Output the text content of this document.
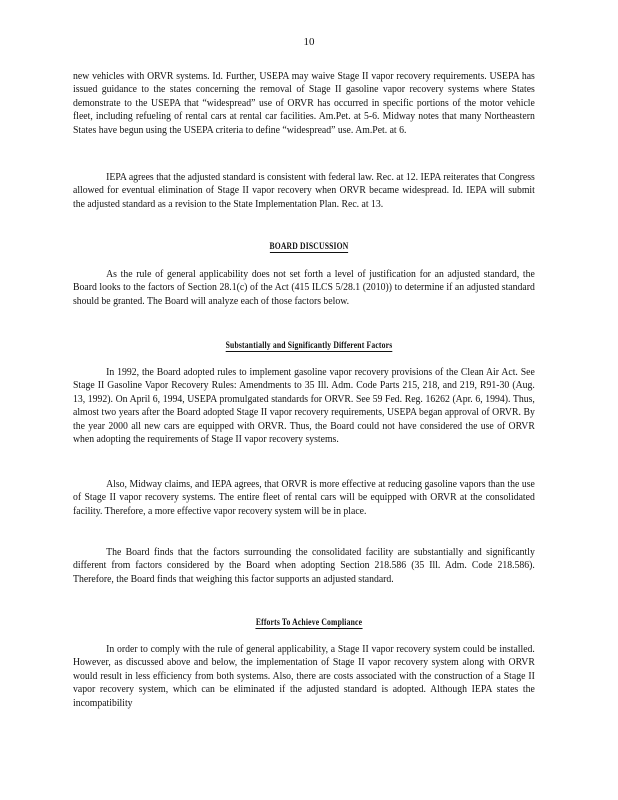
10

new vehicles with ORVR systems. Id. Further, USEPA may waive Stage II vapor recovery requirements. USEPA has issued guidance to the states concerning the removal of Stage II gasoline vapor recovery systems where States demonstrate to the USEPA that “widespread” use of ORVR has occurred in specific portions of the motor vehicle fleet, including refueling of rental cars at rental car facilities. Am.Pet. at 5-6. Midway notes that many Northeastern States have begun using the USEPA criteria to define “widespread” use. Am.Pet. at 6.

IEPA agrees that the adjusted standard is consistent with federal law. Rec. at 12. IEPA reiterates that Congress allowed for eventual elimination of Stage II vapor recovery when ORVR became widespread. Id. IEPA will submit the adjusted standard as a revision to the State Implementation Plan. Rec. at 13.

BOARD DISCUSSION

As the rule of general applicability does not set forth a level of justification for an adjusted standard, the Board looks to the factors of Section 28.1(c) of the Act (415 ILCS 5/28.1 (2010)) to determine if an adjusted standard should be granted. The Board will analyze each of those factors below.

Substantially and Significantly Different Factors

In 1992, the Board adopted rules to implement gasoline vapor recovery provisions of the Clean Air Act. See Stage II Gasoline Vapor Recovery Rules: Amendments to 35 Ill. Adm. Code Parts 215, 218, and 219, R91-30 (Aug. 13, 1992). On April 6, 1994, USEPA promulgated standards for ORVR. See 59 Fed. Reg. 16262 (Apr. 6, 1994). Thus, almost two years after the Board adopted Stage II vapor recovery requirements, USEPA began approval of ORVR. By the year 2000 all new cars are equipped with ORVR. Thus, the Board could not have considered the use of ORVR when adopting the requirements of Stage II vapor recovery systems.

Also, Midway claims, and IEPA agrees, that ORVR is more effective at reducing gasoline vapors than the use of Stage II vapor recovery systems. The entire fleet of rental cars will be equipped with ORVR at the consolidated facility. Therefore, a more effective vapor recovery system will be in place.

The Board finds that the factors surrounding the consolidated facility are substantially and significantly different from factors considered by the Board when adopting Section 218.586 (35 Ill. Adm. Code 218.586). Therefore, the Board finds that weighing this factor supports an adjusted standard.

Efforts To Achieve Compliance

In order to comply with the rule of general applicability, a Stage II vapor recovery system could be installed. However, as discussed above and below, the implementation of Stage II vapor recovery system along with ORVR would result in less efficiency from both systems. Also, there are costs associated with the construction of a Stage II vapor recovery system, which can be eliminated if the adjusted standard is adopted. Although IEPA states the incompatibility
